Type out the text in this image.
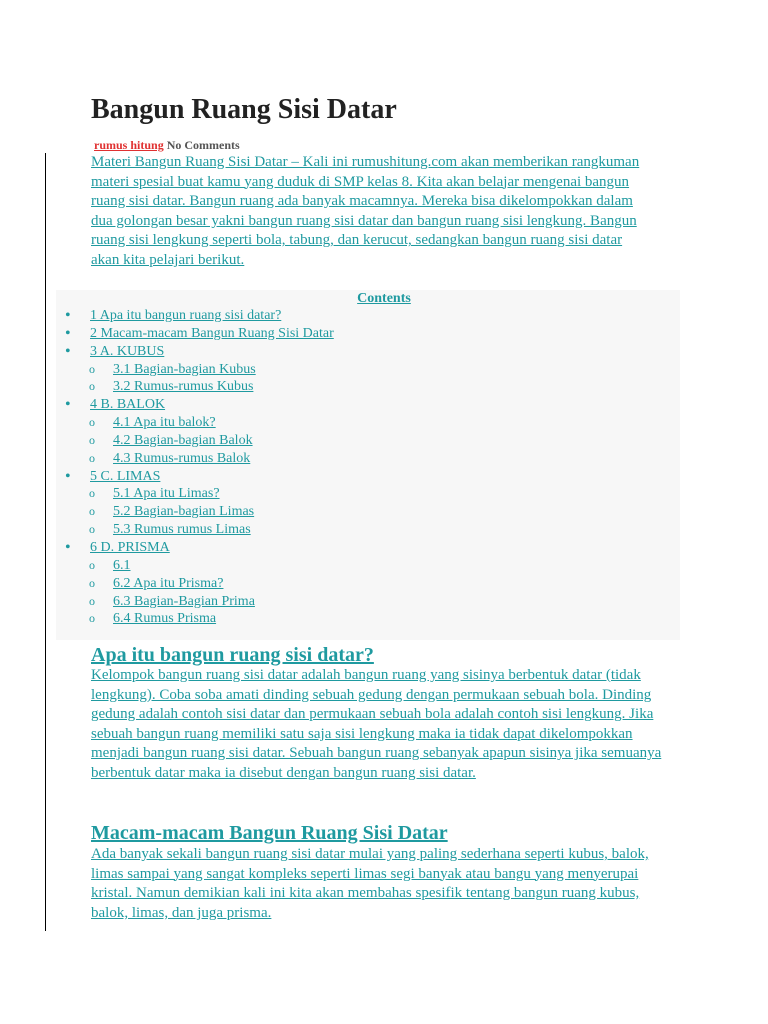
Bangun Ruang Sisi Datar
rumus hitung No Comments

Materi Bangun Ruang Sisi Datar – Kali ini rumushitung.com akan memberikan rangkuman materi spesial buat kamu yang duduk di SMP kelas 8. Kita akan belajar mengenai bangun ruang sisi datar. Bangun ruang ada banyak macamnya. Mereka bisa dikelompokkan dalam dua golongan besar yakni bangun ruang sisi datar dan bangun ruang sisi lengkung. Bangun ruang sisi lengkung seperti bola, tabung, dan kerucut, sedangkan bangun ruang sisi datar akan kita pelajari berikut.

Contents
• 1 Apa itu bangun ruang sisi datar?
• 2 Macam-macam Bangun Ruang Sisi Datar
• 3 A. KUBUS
o 3.1 Bagian-bagian Kubus
o 3.2 Rumus-rumus Kubus
• 4 B. BALOK
o 4.1 Apa itu balok?
o 4.2 Bagian-bagian Balok
o 4.3 Rumus-rumus Balok
• 5 C. LIMAS
o 5.1 Apa itu Limas?
o 5.2 Bagian-bagian Limas
o 5.3 Rumus rumus Limas
• 6 D. PRISMA
o 6.1
o 6.2 Apa itu Prisma?
o 6.3 Bagian-Bagian Prima
o 6.4 Rumus Prisma
Apa itu bangun ruang sisi datar?

Kelompok bangun ruang sisi datar adalah bangun ruang yang sisinya berbentuk datar (tidak lengkung). Coba soba amati dinding sebuah gedung dengan permukaan sebuah bola. Dinding gedung adalah contoh sisi datar dan permukaan sebuah bola adalah contoh sisi lengkung. Jika sebuah bangun ruang memiliki satu saja sisi lengkung maka ia tidak dapat dikelompokkan menjadi bangun ruang sisi datar. Sebuah bangun ruang sebanyak apapun sisinya jika semuanya berbentuk datar maka ia disebut dengan bangun ruang sisi datar.

Macam-macam Bangun Ruang Sisi Datar

Ada banyak sekali bangun ruang sisi datar mulai yang paling sederhana seperti kubus, balok, limas sampai yang sangat kompleks seperti limas segi banyak atau bangu yang menyerupai kristal. Namun demikian kali ini kita akan membahas spesifik tentang bangun ruang kubus, balok, limas, dan juga prisma.
